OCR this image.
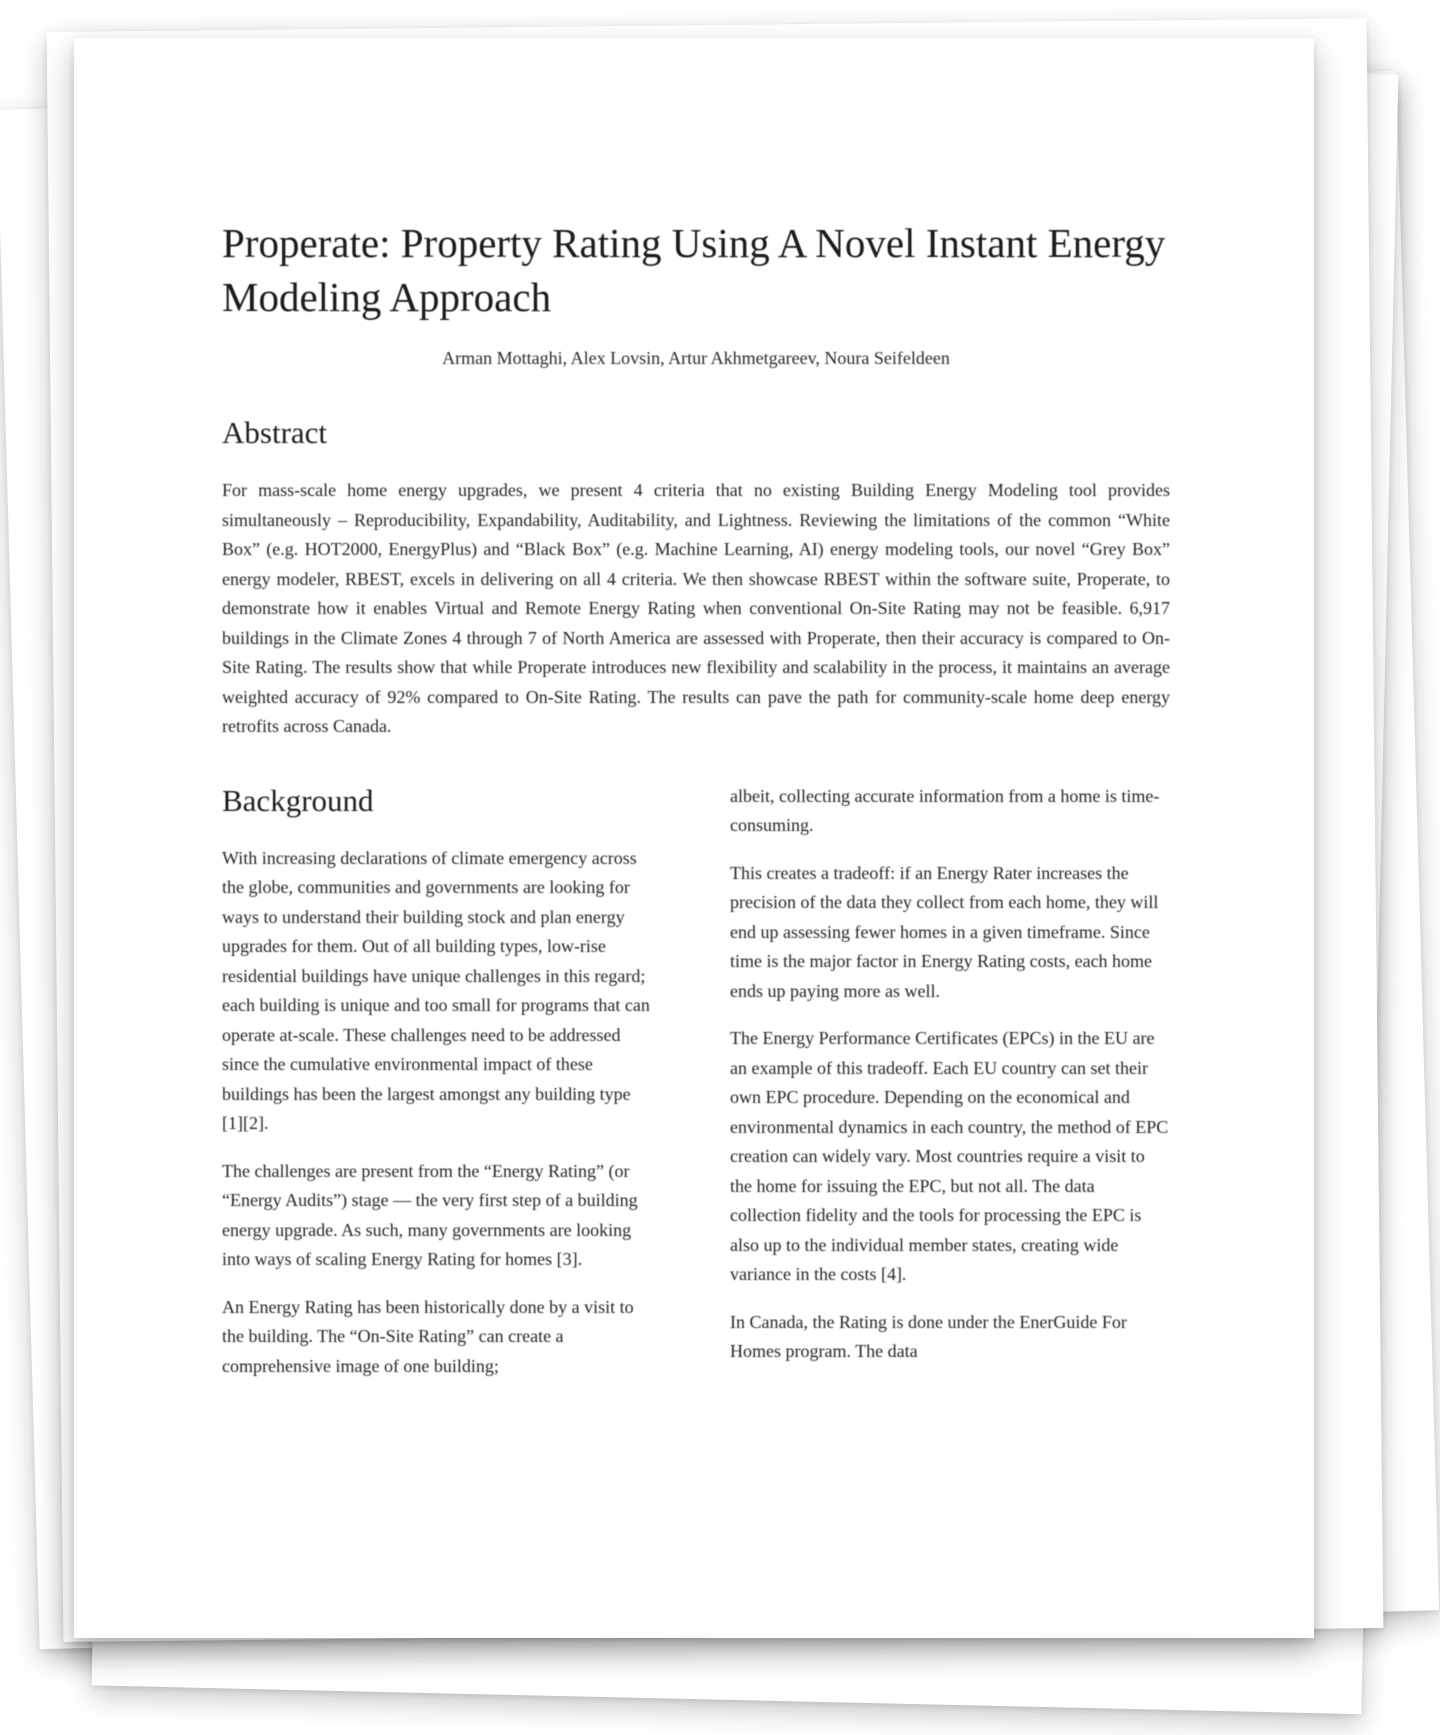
Properate: Property Rating Using A Novel Instant Energy Modeling Approach
Arman Mottaghi, Alex Lovsin, Artur Akhmetgareev, Noura Seifeldeen
Abstract

For mass-scale home energy upgrades, we present 4 criteria that no existing Building Energy Modeling tool provides simultaneously – Reproducibility, Expandability, Auditability, and Lightness. Reviewing the limitations of the common “White Box” (e.g. HOT2000, EnergyPlus) and “Black Box” (e.g. Machine Learning, AI) energy modeling tools, our novel “Grey Box” energy modeler, RBEST, excels in delivering on all 4 criteria. We then showcase RBEST within the software suite, Properate, to demonstrate how it enables Virtual and Remote Energy Rating when conventional On-Site Rating may not be feasible. 6,917 buildings in the Climate Zones 4 through 7 of North America are assessed with Properate, then their accuracy is compared to On-Site Rating. The results show that while Properate introduces new flexibility and scalability in the process, it maintains an average weighted accuracy of 92% compared to On-Site Rating. The results can pave the path for community-scale home deep energy retrofits across Canada.

Background

With increasing declarations of climate emergency across the globe, communities and governments are looking for ways to understand their building stock and plan energy upgrades for them. Out of all building types, low-rise residential buildings have unique challenges in this regard; each building is unique and too small for programs that can operate at-scale. These challenges need to be addressed since the cumulative environmental impact of these buildings has been the largest amongst any building type [1][2].

The challenges are present from the “Energy Rating” (or “Energy Audits”) stage — the very first step of a building energy upgrade. As such, many governments are looking into ways of scaling Energy Rating for homes [3].

An Energy Rating has been historically done by a visit to the building. The “On-Site Rating” can create a comprehensive image of one building;

albeit, collecting accurate information from a home is time-consuming.

This creates a tradeoff: if an Energy Rater increases the precision of the data they collect from each home, they will end up assessing fewer homes in a given timeframe. Since time is the major factor in Energy Rating costs, each home ends up paying more as well.

The Energy Performance Certificates (EPCs) in the EU are an example of this tradeoff. Each EU country can set their own EPC procedure. Depending on the economical and environmental dynamics in each country, the method of EPC creation can widely vary. Most countries require a visit to the home for issuing the EPC, but not all. The data collection fidelity and the tools for processing the EPC is also up to the individual member states, creating wide variance in the costs [4].

In Canada, the Rating is done under the EnerGuide For Homes program. The data
